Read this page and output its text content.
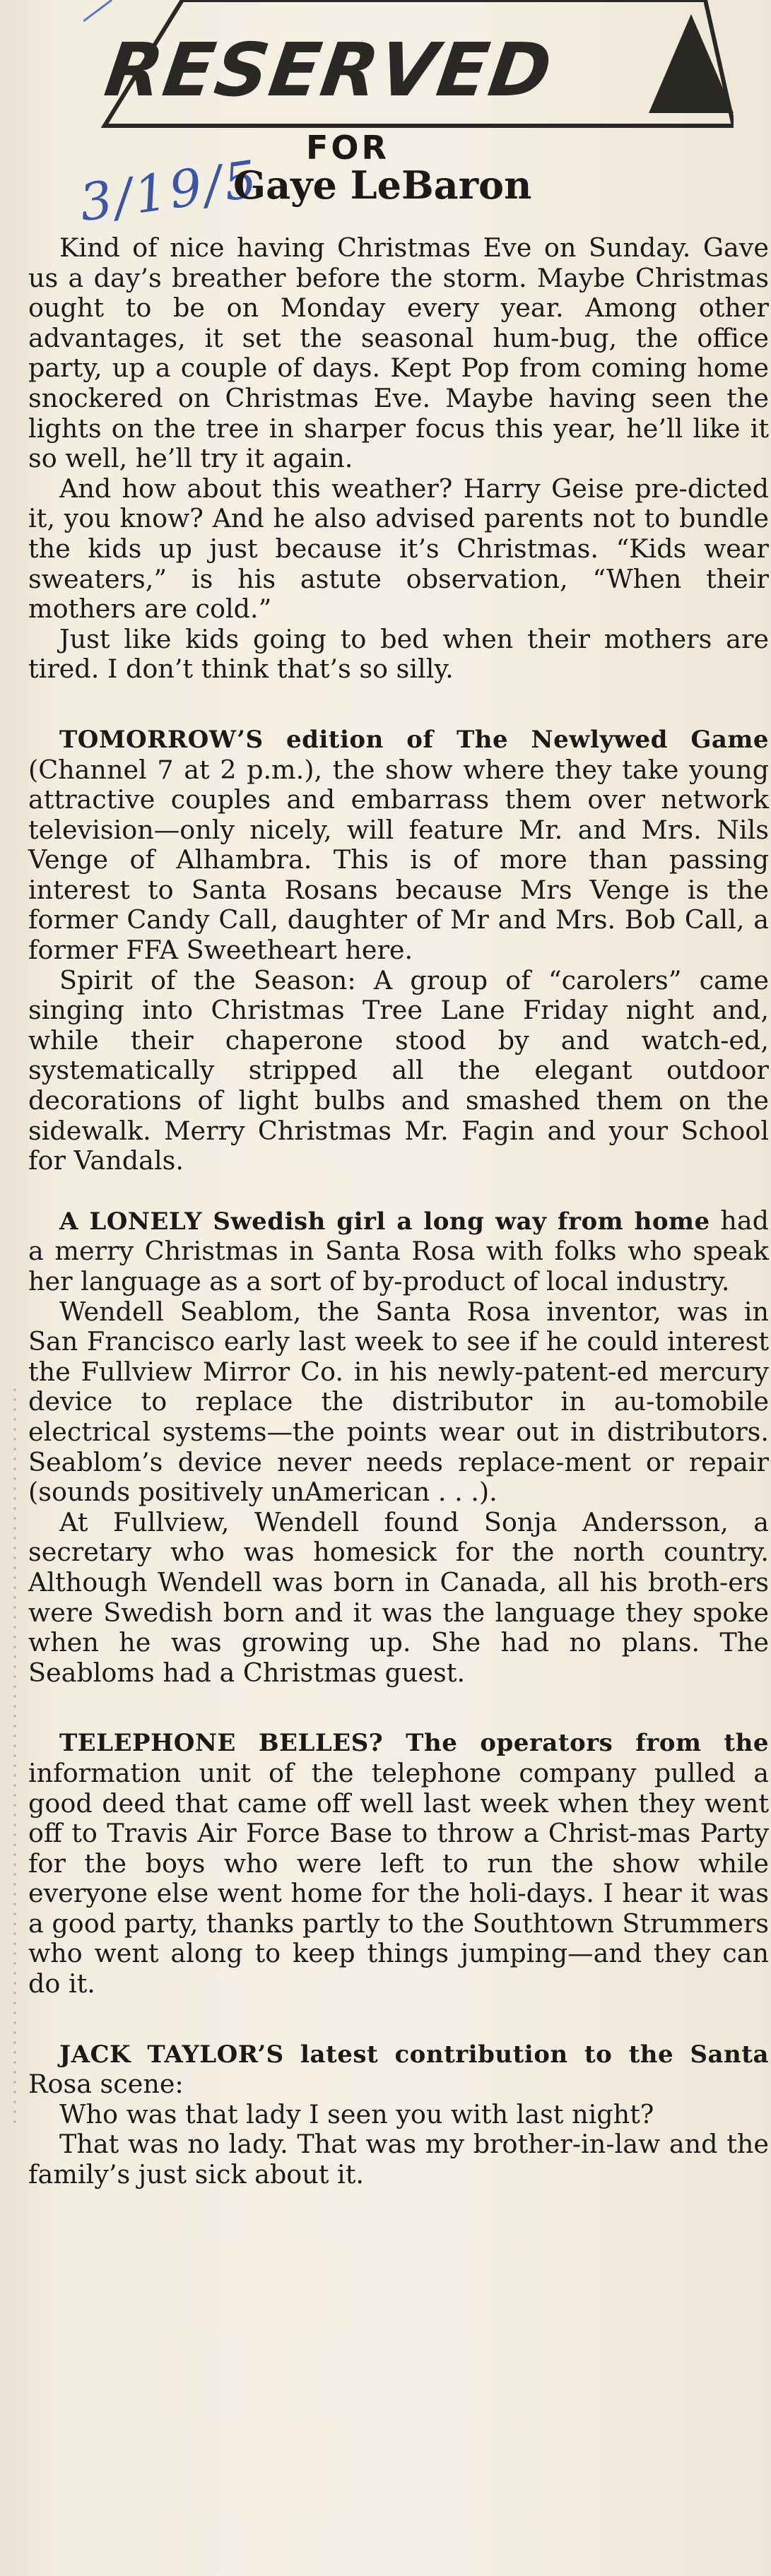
RESERVED
FOR
3/19/5
Gaye LeBaron

Kind of nice having Christmas Eve on Sunday. Gave us a day’s breather before the storm. Maybe Christmas ought to be on Monday every year. Among other advantages, it set the seasonal hum-bug, the office party, up a couple of days. Kept Pop from coming home snockered on Christmas Eve. Maybe having seen the lights on the tree in sharper focus this year, he’ll like it so well, he’ll try it again.

And how about this weather? Harry Geise pre-dicted it, you know? And he also advised parents not to bundle the kids up just because it’s Christmas. “Kids wear sweaters,” is his astute observation, “When their mothers are cold.”

Just like kids going to bed when their mothers are tired. I don’t think that’s so silly.

TOMORROW’S edition of The Newlywed Game (Channel 7 at 2 p.m.), the show where they take young attractive couples and embarrass them over network television—only nicely, will feature Mr. and Mrs. Nils Venge of Alhambra. This is of more than passing interest to Santa Rosans because Mrs Venge is the former Candy Call, daughter of Mr and Mrs. Bob Call, a former FFA Sweetheart here.

Spirit of the Season: A group of “carolers” came singing into Christmas Tree Lane Friday night and, while their chaperone stood by and watch-ed, systematically stripped all the elegant outdoor decorations of light bulbs and smashed them on the sidewalk. Merry Christmas Mr. Fagin and your School for Vandals.

A LONELY Swedish girl a long way from home had a merry Christmas in Santa Rosa with folks who speak her language as a sort of by-product of local industry.

Wendell Seablom, the Santa Rosa inventor, was in San Francisco early last week to see if he could interest the Fullview Mirror Co. in his newly-patent-ed mercury device to replace the distributor in au-tomobile electrical systems—the points wear out in distributors. Seablom’s device never needs replace-ment or repair (sounds positively unAmerican . . .).

At Fullview, Wendell found Sonja Andersson, a secretary who was homesick for the north country. Although Wendell was born in Canada, all his broth-ers were Swedish born and it was the language they spoke when he was growing up. She had no plans. The Seabloms had a Christmas guest.

TELEPHONE BELLES? The operators from the information unit of the telephone company pulled a good deed that came off well last week when they went off to Travis Air Force Base to throw a Christ-mas Party for the boys who were left to run the show while everyone else went home for the holi-days. I hear it was a good party, thanks partly to the Southtown Strummers who went along to keep things jumping—and they can do it.

JACK TAYLOR’S latest contribution to the Santa Rosa scene:

Who was that lady I seen you with last night?

That was no lady. That was my brother-in-law and the family’s just sick about it.
